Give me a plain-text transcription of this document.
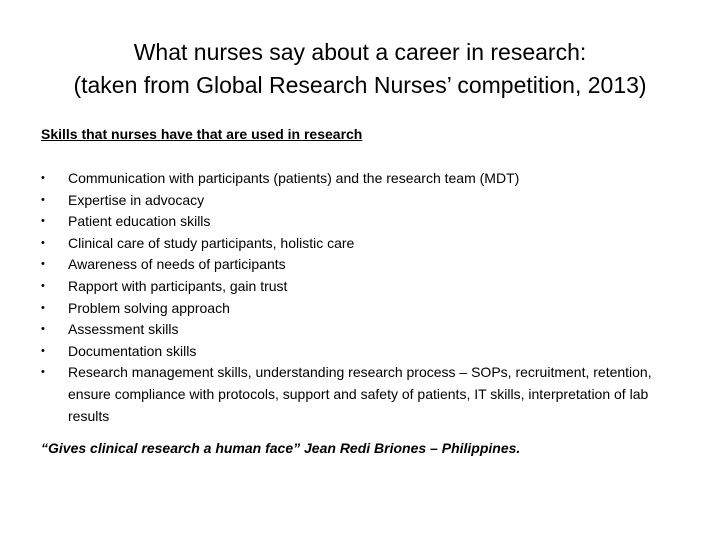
What nurses say about a career in research:
(taken from Global Research Nurses’ competition, 2013)
Skills that nurses have that are used in research
• Communication with participants (patients) and the research team (MDT)
• Expertise in advocacy
• Patient education skills
• Clinical care of study participants, holistic care
• Awareness of needs of participants
• Rapport with participants, gain trust
• Problem solving approach
• Assessment skills
• Documentation skills
• Research management skills, understanding research process – SOPs, recruitment, retention, ensure compliance with protocols, support and safety of patients, IT skills, interpretation of lab results
“Gives clinical research a human face” Jean Redi Briones – Philippines.
